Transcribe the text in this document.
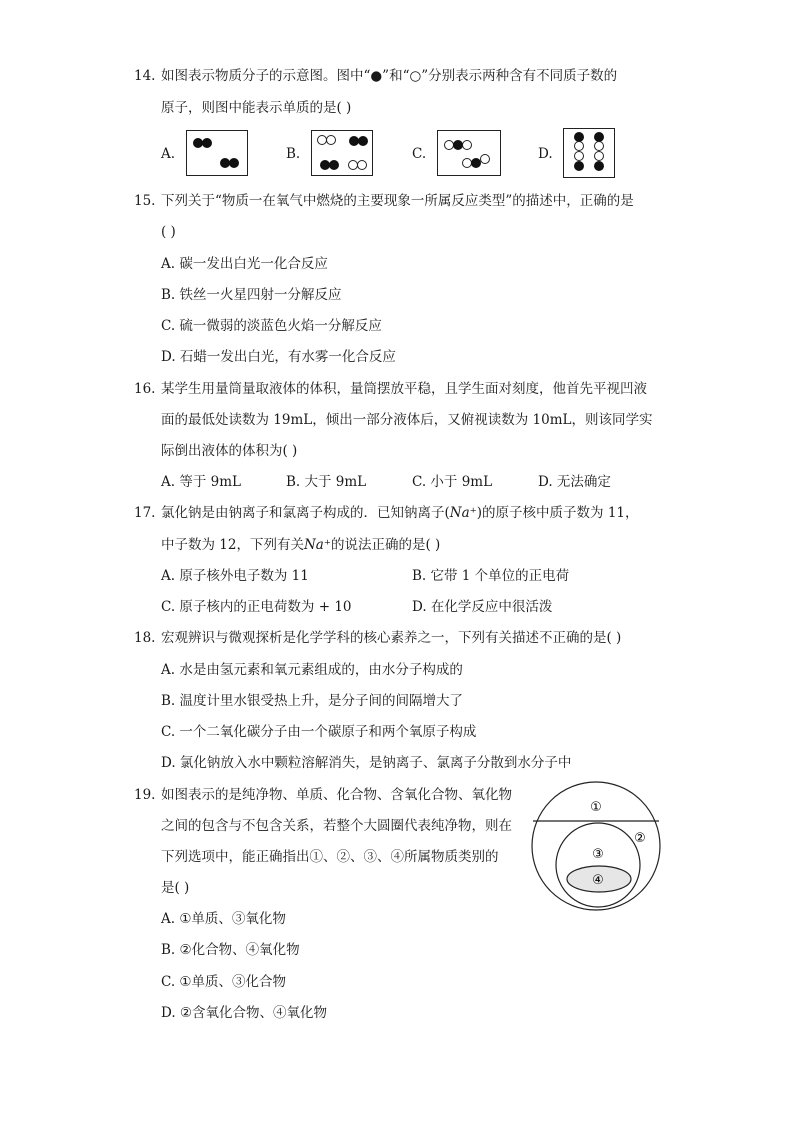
14. 如图表示物质分子的示意图。图中“●”和“○”分别表示两种含有不同质子数的
原子，则图中能表示单质的是( )
A.	B.	C.	D.
15. 下列关于“物质一在氧气中燃烧的主要现象一所属反应类型”的描述中，正确的是
( )
A. 碳一发出白光一化合反应
B. 铁丝一火星四射一分解反应
C. 硫一微弱的淡蓝色火焰一分解反应
D. 石蜡一发出白光，有水雾一化合反应
16. 某学生用量筒量取液体的体积，量筒摆放平稳，且学生面对刻度，他首先平视凹液
面的最低处读数为 19mL，倾出一部分液体后，又俯视读数为 10mL，则该同学实
际倒出液体的体积为( )
A. 等于 9mL	B. 大于 9mL	C. 小于 9mL	D. 无法确定
17. 氯化钠是由钠离子和氯离子构成的．已知钠离子(Na⁺)的原子核中质子数为 11，
中子数为 12，下列有关Na⁺的说法正确的是( )
A. 原子核外电子数为 11	B. 它带 1 个单位的正电荷
C. 原子核内的正电荷数为 + 10	D. 在化学反应中很活泼
18. 宏观辨识与微观探析是化学学科的核心素养之一，下列有关描述不正确的是( )
A. 水是由氢元素和氧元素组成的，由水分子构成的
B. 温度计里水银受热上升，是分子间的间隔增大了
C. 一个二氧化碳分子由一个碳原子和两个氧原子构成
D. 氯化钠放入水中颗粒溶解消失，是钠离子、氯离子分散到水分子中
19. 如图表示的是纯净物、单质、化合物、含氧化合物、氧化物
之间的包含与不包含关系，若整个大圆圈代表纯净物，则在
下列选项中，能正确指出①、②、③、④所属物质类别的
是( )
①
②
③
④
A. ①单质、③氧化物
B. ②化合物、④氧化物
C. ①单质、③化合物
D. ②含氧化合物、④氧化物
